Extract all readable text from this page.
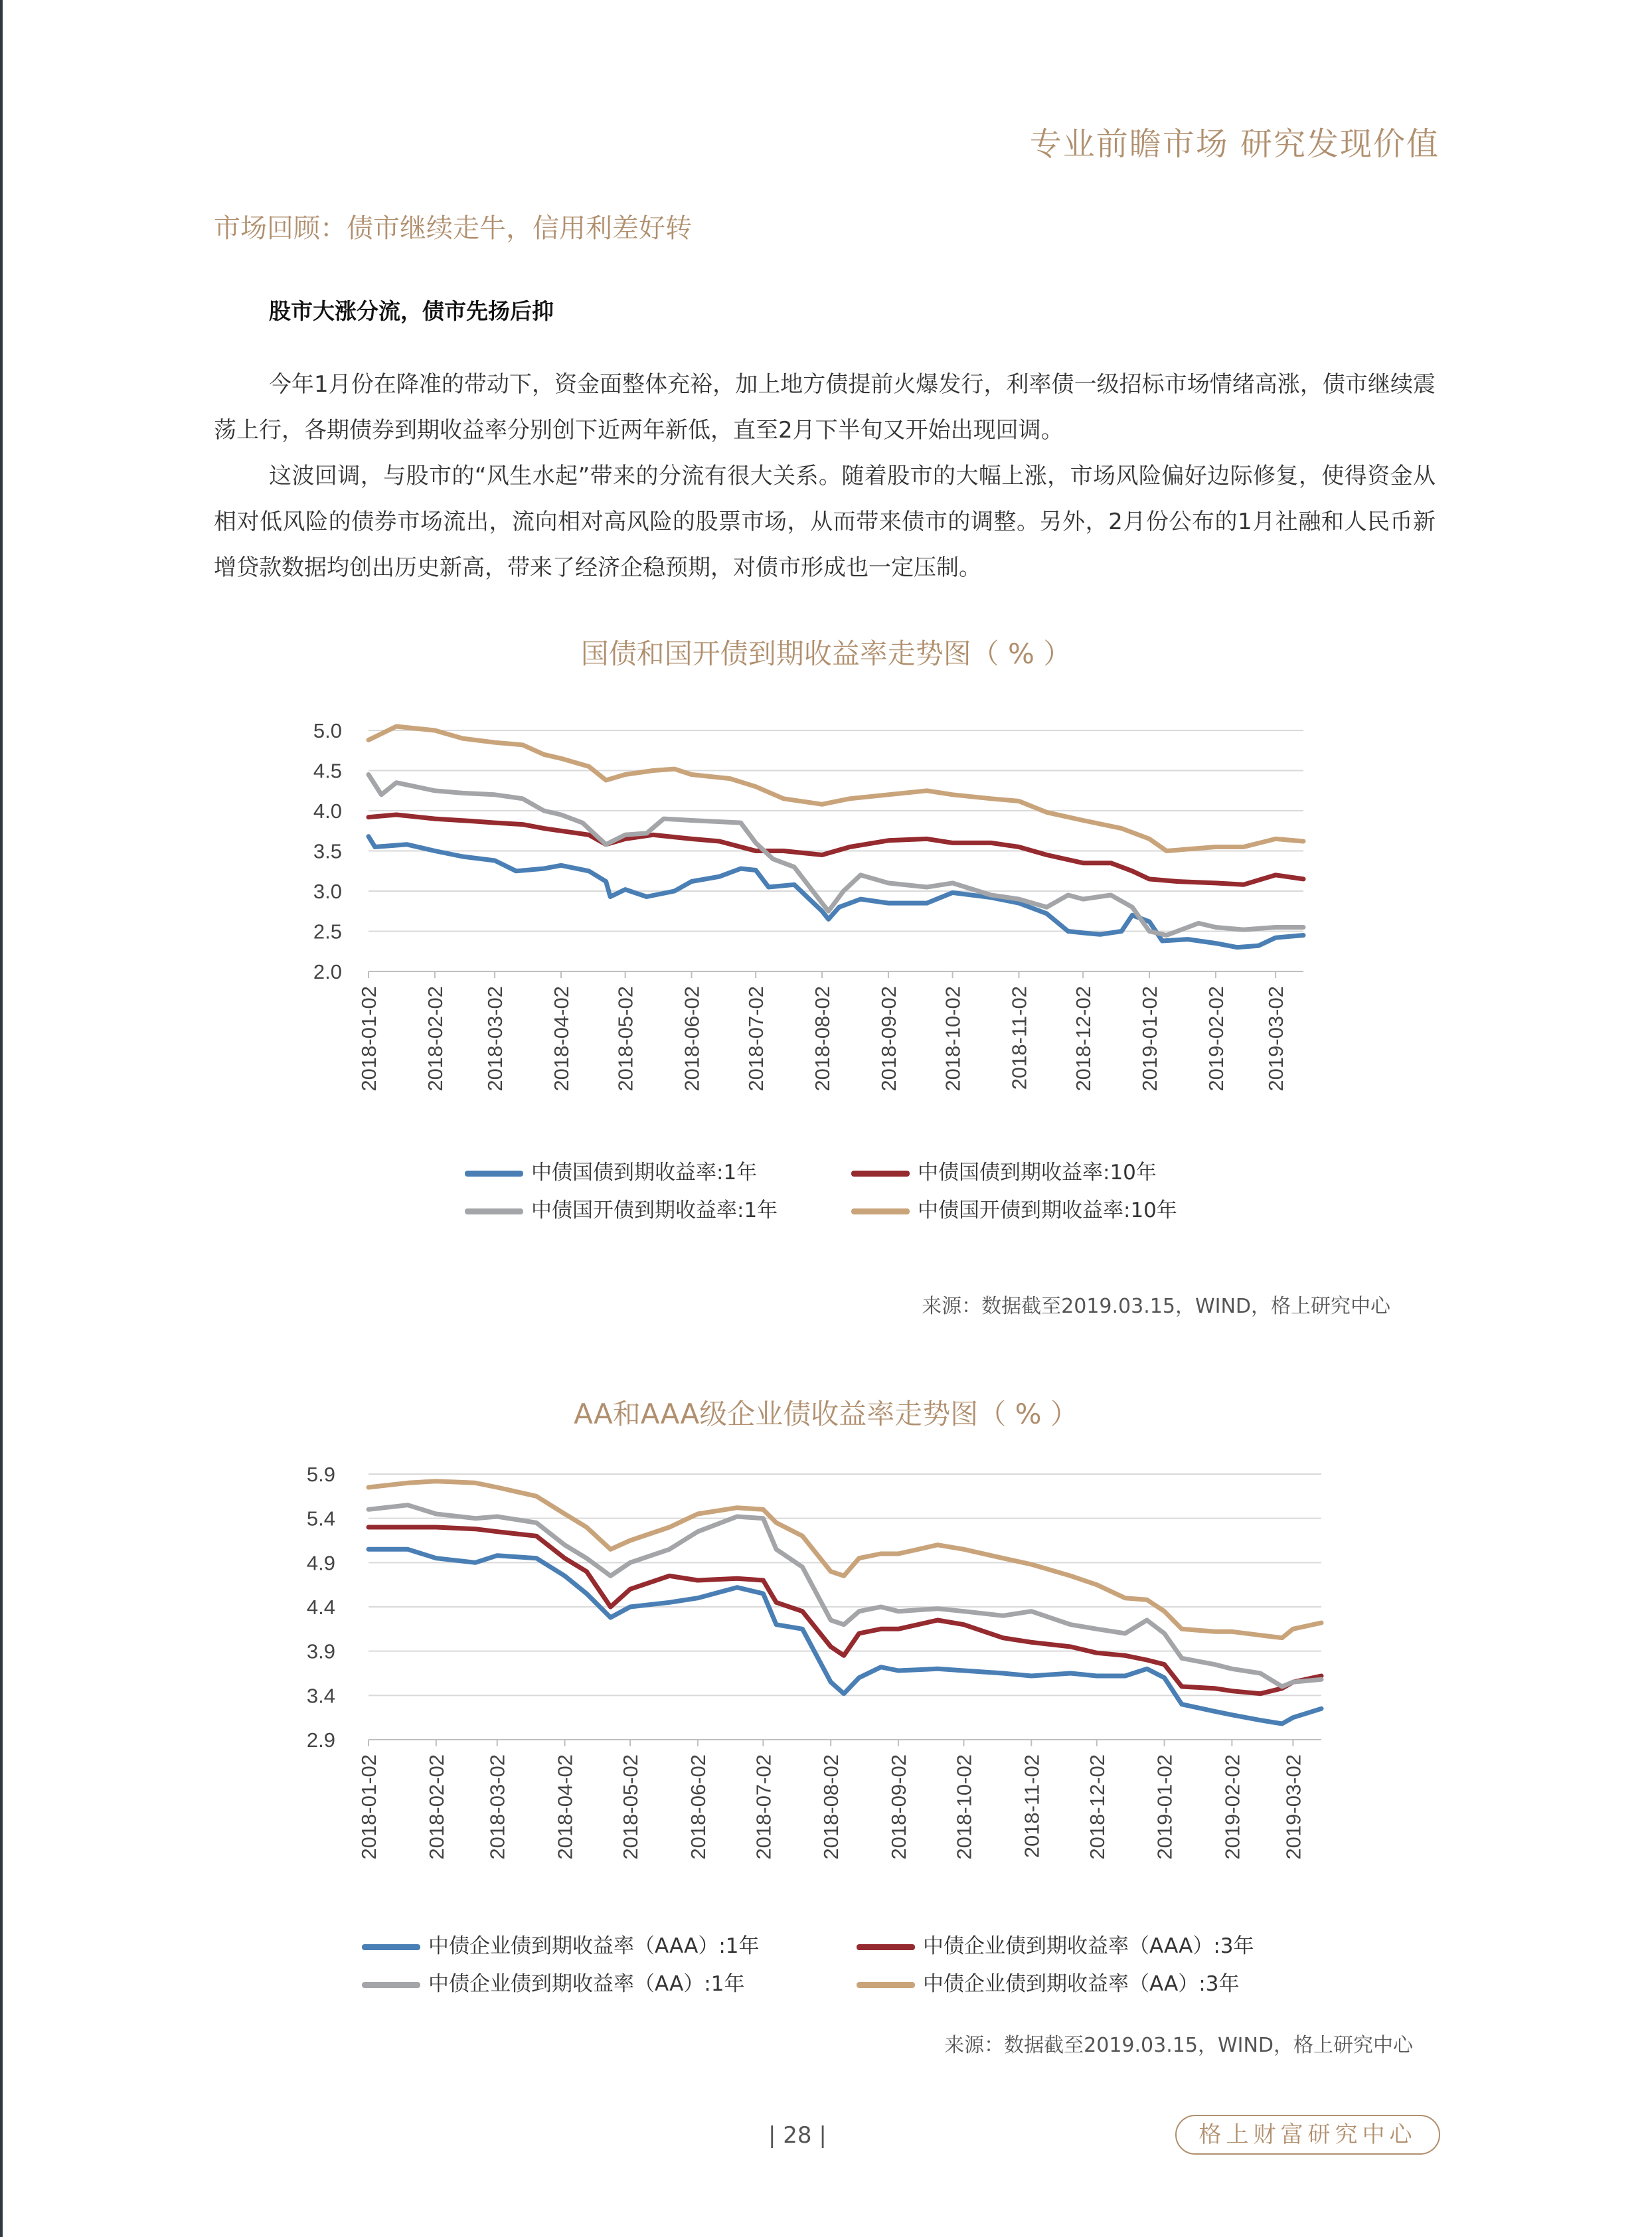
专业前瞻市场 研究发现价值
市场回顾：债市继续走牛，信用利差好转
股市大涨分流，债市先扬后抑

今年1月份在降准的带动下，资金面整体充裕，加上地方债提前火爆发行，利率债一级招标市场情绪高涨，债市继续震荡上行，各期债券到期收益率分别创下近两年新低，直至2月下半旬又开始出现回调。

这波回调，与股市的“风生水起”带来的分流有很大关系。随着股市的大幅上涨，市场风险偏好边际修复，使得资金从相对低风险的债券市场流出，流向相对高风险的股票市场，从而带来债市的调整。另外，2月份公布的1月社融和人民币新增贷款数据均创出历史新高，带来了经济企稳预期，对债市形成也一定压制。

国债和国开债到期收益率走势图（ % ）
5.0
4.5
4.0
3.5
3.0
2.5
2.0
2018-01-02 2018-02-02 2018-03-02 2018-04-02 2018-05-02 2018-06-02 2018-07-02 2018-08-02 2018-09-02 2018-10-02 2018-11-02 2018-12-02 2019-01-02 2019-02-02 2019-03-02
中债国债到期收益率:1年	中债国债到期收益率:10年
中债国开债到期收益率:1年	中债国开债到期收益率:10年
来源：数据截至2019.03.15，WIND，格上研究中心
AA和AAA级企业债收益率走势图（ % ）
5.9
5.4
4.9
4.4
3.9
3.4
2.9
2018-01-02 2018-02-02 2018-03-02 2018-04-02 2018-05-02 2018-06-02 2018-07-02 2018-08-02 2018-09-02 2018-10-02 2018-11-02 2018-12-02 2019-01-02 2019-02-02 2019-03-02
中债企业债到期收益率（AAA）:1年	中债企业债到期收益率（AAA）:3年
中债企业债到期收益率（AA）:1年	中债企业债到期收益率（AA）:3年
来源：数据截至2019.03.15，WIND，格上研究中心
| 28 |	格上财富研究中心
